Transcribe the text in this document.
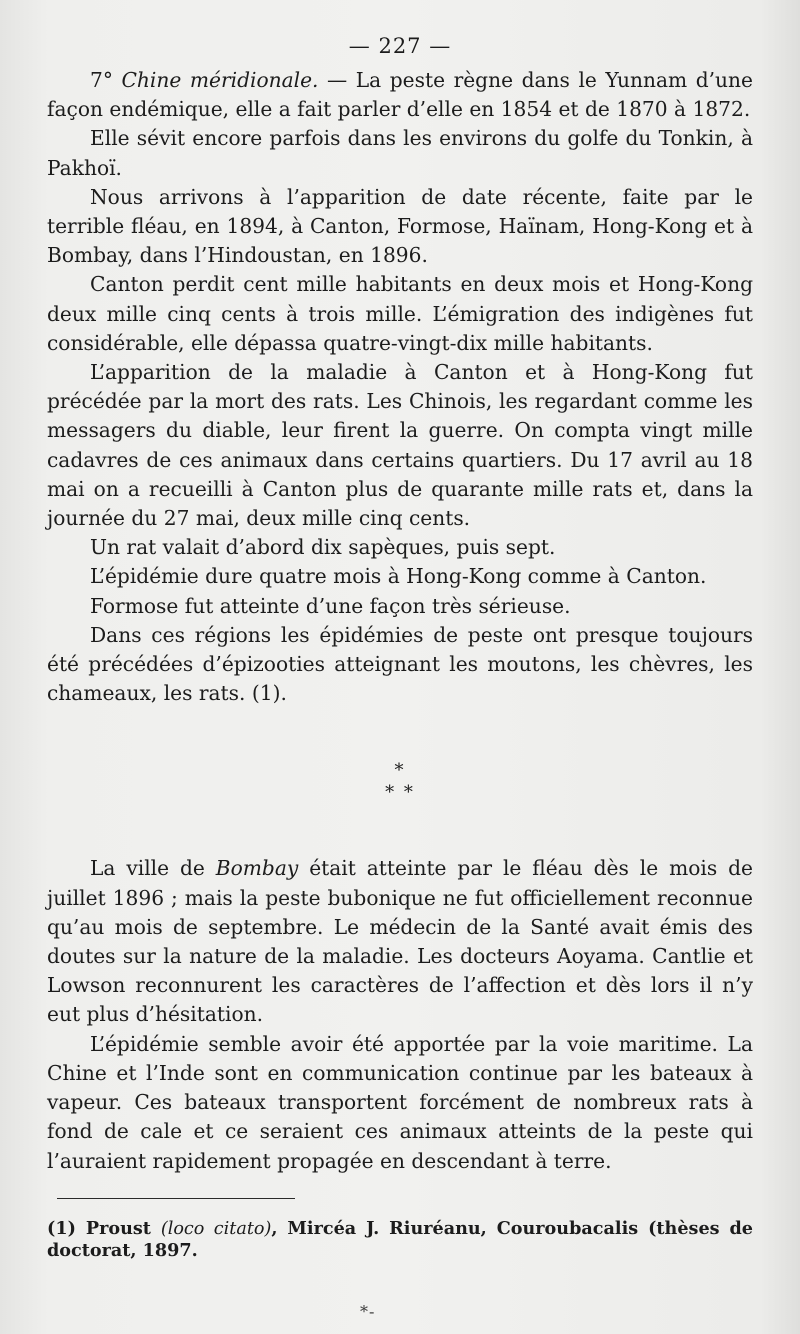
— 227 —

7° Chine méridionale. — La peste règne dans le Yunnam d’une façon endémique, elle a fait parler d’elle en 1854 et de 1870 à 1872.

Elle sévit encore parfois dans les environs du golfe du Tonkin, à Pakhoï.

Nous arrivons à l’apparition de date récente, faite par le terrible fléau, en 1894, à Canton, Formose, Haïnam, Hong-Kong et à Bombay, dans l’Hindoustan, en 1896.

Canton perdit cent mille habitants en deux mois et Hong-Kong deux mille cinq cents à trois mille. L’émigration des indigènes fut considérable, elle dépassa quatre-vingt-dix mille habitants.

L’apparition de la maladie à Canton et à Hong-Kong fut précédée par la mort des rats. Les Chinois, les regardant comme les messagers du diable, leur firent la guerre. On compta vingt mille cadavres de ces animaux dans certains quartiers. Du 17 avril au 18 mai on a recueilli à Canton plus de quarante mille rats et, dans la journée du 27 mai, deux mille cinq cents.

Un rat valait d’abord dix sapèques, puis sept.

L’épidémie dure quatre mois à Hong-Kong comme à Canton.

Formose fut atteinte d’une façon très sérieuse.

Dans ces régions les épidémies de peste ont presque toujours été précédées d’épizooties atteignant les moutons, les chèvres, les chameaux, les rats. (1).

*
* *

La ville de Bombay était atteinte par le fléau dès le mois de juillet 1896 ; mais la peste bubonique ne fut officiellement reconnue qu’au mois de septembre. Le médecin de la Santé avait émis des doutes sur la nature de la maladie. Les docteurs Aoyama. Cantlie et Lowson reconnurent les caractères de l’affection et dès lors il n’y eut plus d’hésitation.

L’épidémie semble avoir été apportée par la voie maritime. La Chine et l’Inde sont en communication continue par les bateaux à vapeur. Ces bateaux transportent forcément de nombreux rats à fond de cale et ce seraient ces animaux atteints de la peste qui l’auraient rapidement propagée en descendant à terre.

(1) Proust (loco citato), Mircéa J. Riuréanu, Couroubacalis (thèses de doctorat, 1897.
*-
